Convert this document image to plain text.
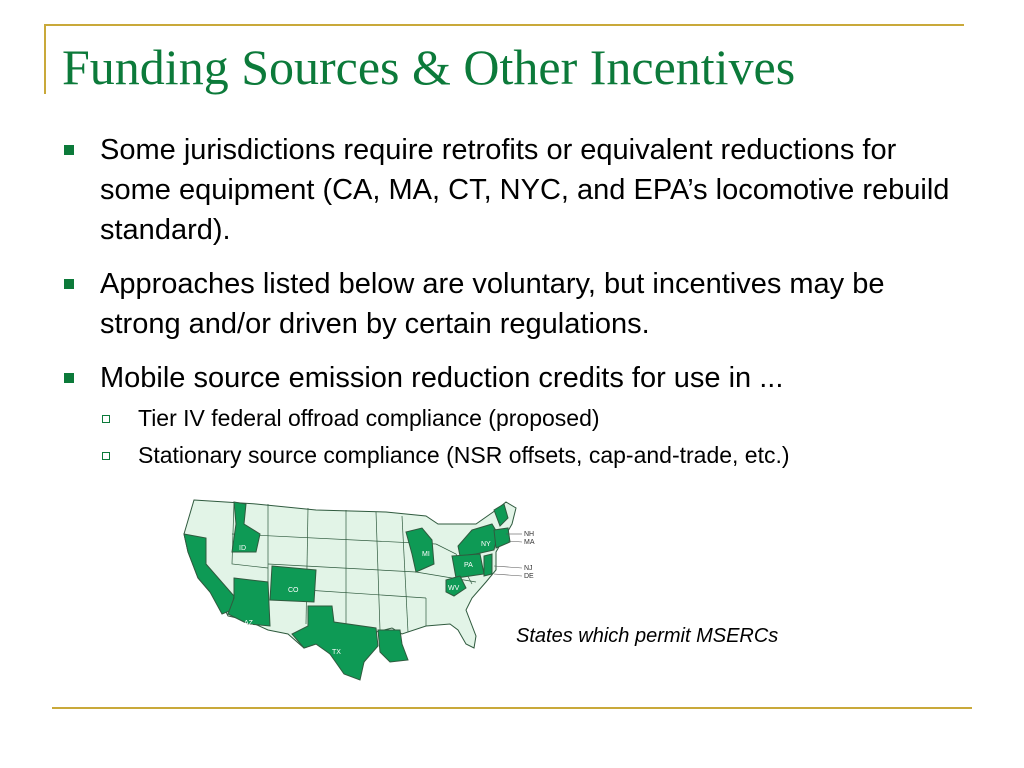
Funding Sources & Other Incentives
Some jurisdictions require retrofits or equivalent reductions for some equipment (CA, MA, CT, NYC, and EPA’s locomotive rebuild standard).
Approaches listed below are voluntary, but incentives may be strong and/or driven by certain regulations.
Mobile source emission reduction credits for use in ...
Tier IV federal offroad compliance (proposed)
Stationary source compliance (NSR offsets, cap-and-trade, etc.)
CA
ID
AZ
CO
TX
LA
MI
NY
PA
WV
NH
MA
NJ
DE
States which permit MSERCs
